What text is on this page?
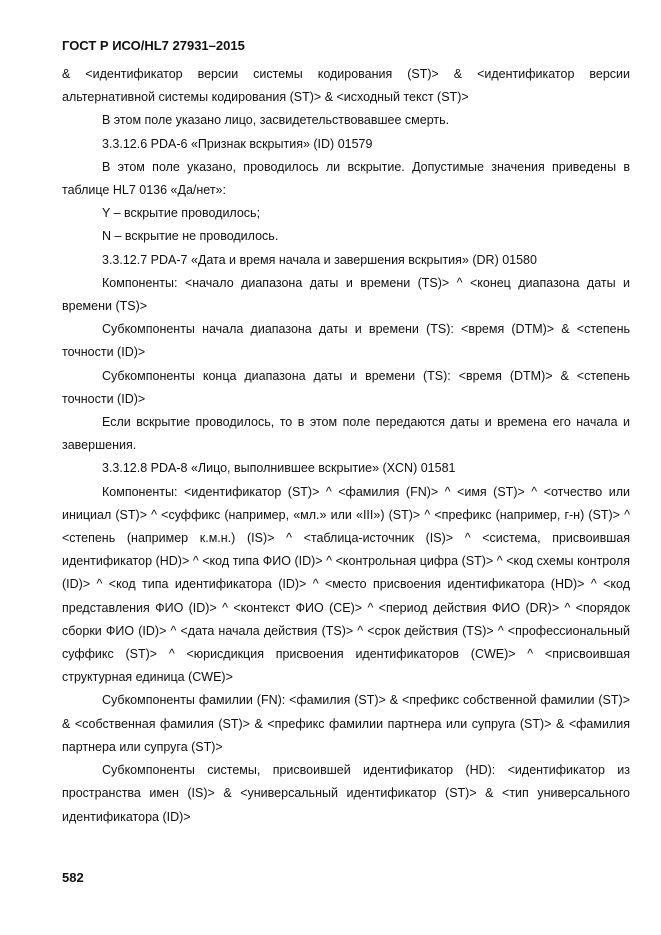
ГОСТ Р ИСО/HL7 27931–2015

& <идентификатор версии системы кодирования (ST)> & <идентификатор версии альтернативной системы кодирования (ST)> & <исходный текст (ST)>

В этом поле указано лицо, засвидетельствовавшее смерть.

3.3.12.6 PDA-6 «Признак вскрытия» (ID) 01579

В этом поле указано, проводилось ли вскрытие. Допустимые значения приведены в таблице HL7 0136 «Да/нет»:

Y – вскрытие проводилось;

N – вскрытие не проводилось.

3.3.12.7 PDA-7 «Дата и время начала и завершения вскрытия» (DR) 01580

Компоненты: <начало диапазона даты и времени (TS)> ^ <конец диапазона даты и времени (TS)>

Субкомпоненты начала диапазона даты и времени (TS): <время (DTM)> & <степень точности (ID)>

Субкомпоненты конца диапазона даты и времени (TS): <время (DTM)> & <степень точности (ID)>

Если вскрытие проводилось, то в этом поле передаются даты и времена его начала и завершения.

3.3.12.8 PDA-8 «Лицо, выполнившее вскрытие» (XCN) 01581

Компоненты: <идентификатор (ST)> ^ <фамилия (FN)> ^ <имя (ST)> ^ <отчество или инициал (ST)> ^ <суффикс (например, «мл.» или «III») (ST)> ^ <префикс (например, г-н) (ST)> ^ <степень (например к.м.н.) (IS)> ^ <таблица-источник (IS)> ^ <система, присвоившая идентификатор (HD)> ^ <код типа ФИО (ID)> ^ <контрольная цифра (ST)> ^ <код схемы контроля (ID)> ^ <код типа идентификатора (ID)> ^ <место присвоения идентификатора (HD)> ^ <код представления ФИО (ID)> ^ <контекст ФИО (CE)> ^ <период действия ФИО (DR)> ^ <порядок сборки ФИО (ID)> ^ <дата начала действия (TS)> ^ <срок действия (TS)> ^ <профессиональный суффикс (ST)> ^ <юрисдикция присвоения идентификаторов (CWE)> ^ <присвоившая структурная единица (CWE)>

Субкомпоненты фамилии (FN): <фамилия (ST)> & <префикс собственной фамилии (ST)> & <собственная фамилия (ST)> & <префикс фамилии партнера или супруга (ST)> & <фамилия партнера или супруга (ST)>

Субкомпоненты системы, присвоившей идентификатор (HD): <идентификатор из пространства имен (IS)> & <универсальный идентификатор (ST)> & <тип универсального идентификатора (ID)>

582
